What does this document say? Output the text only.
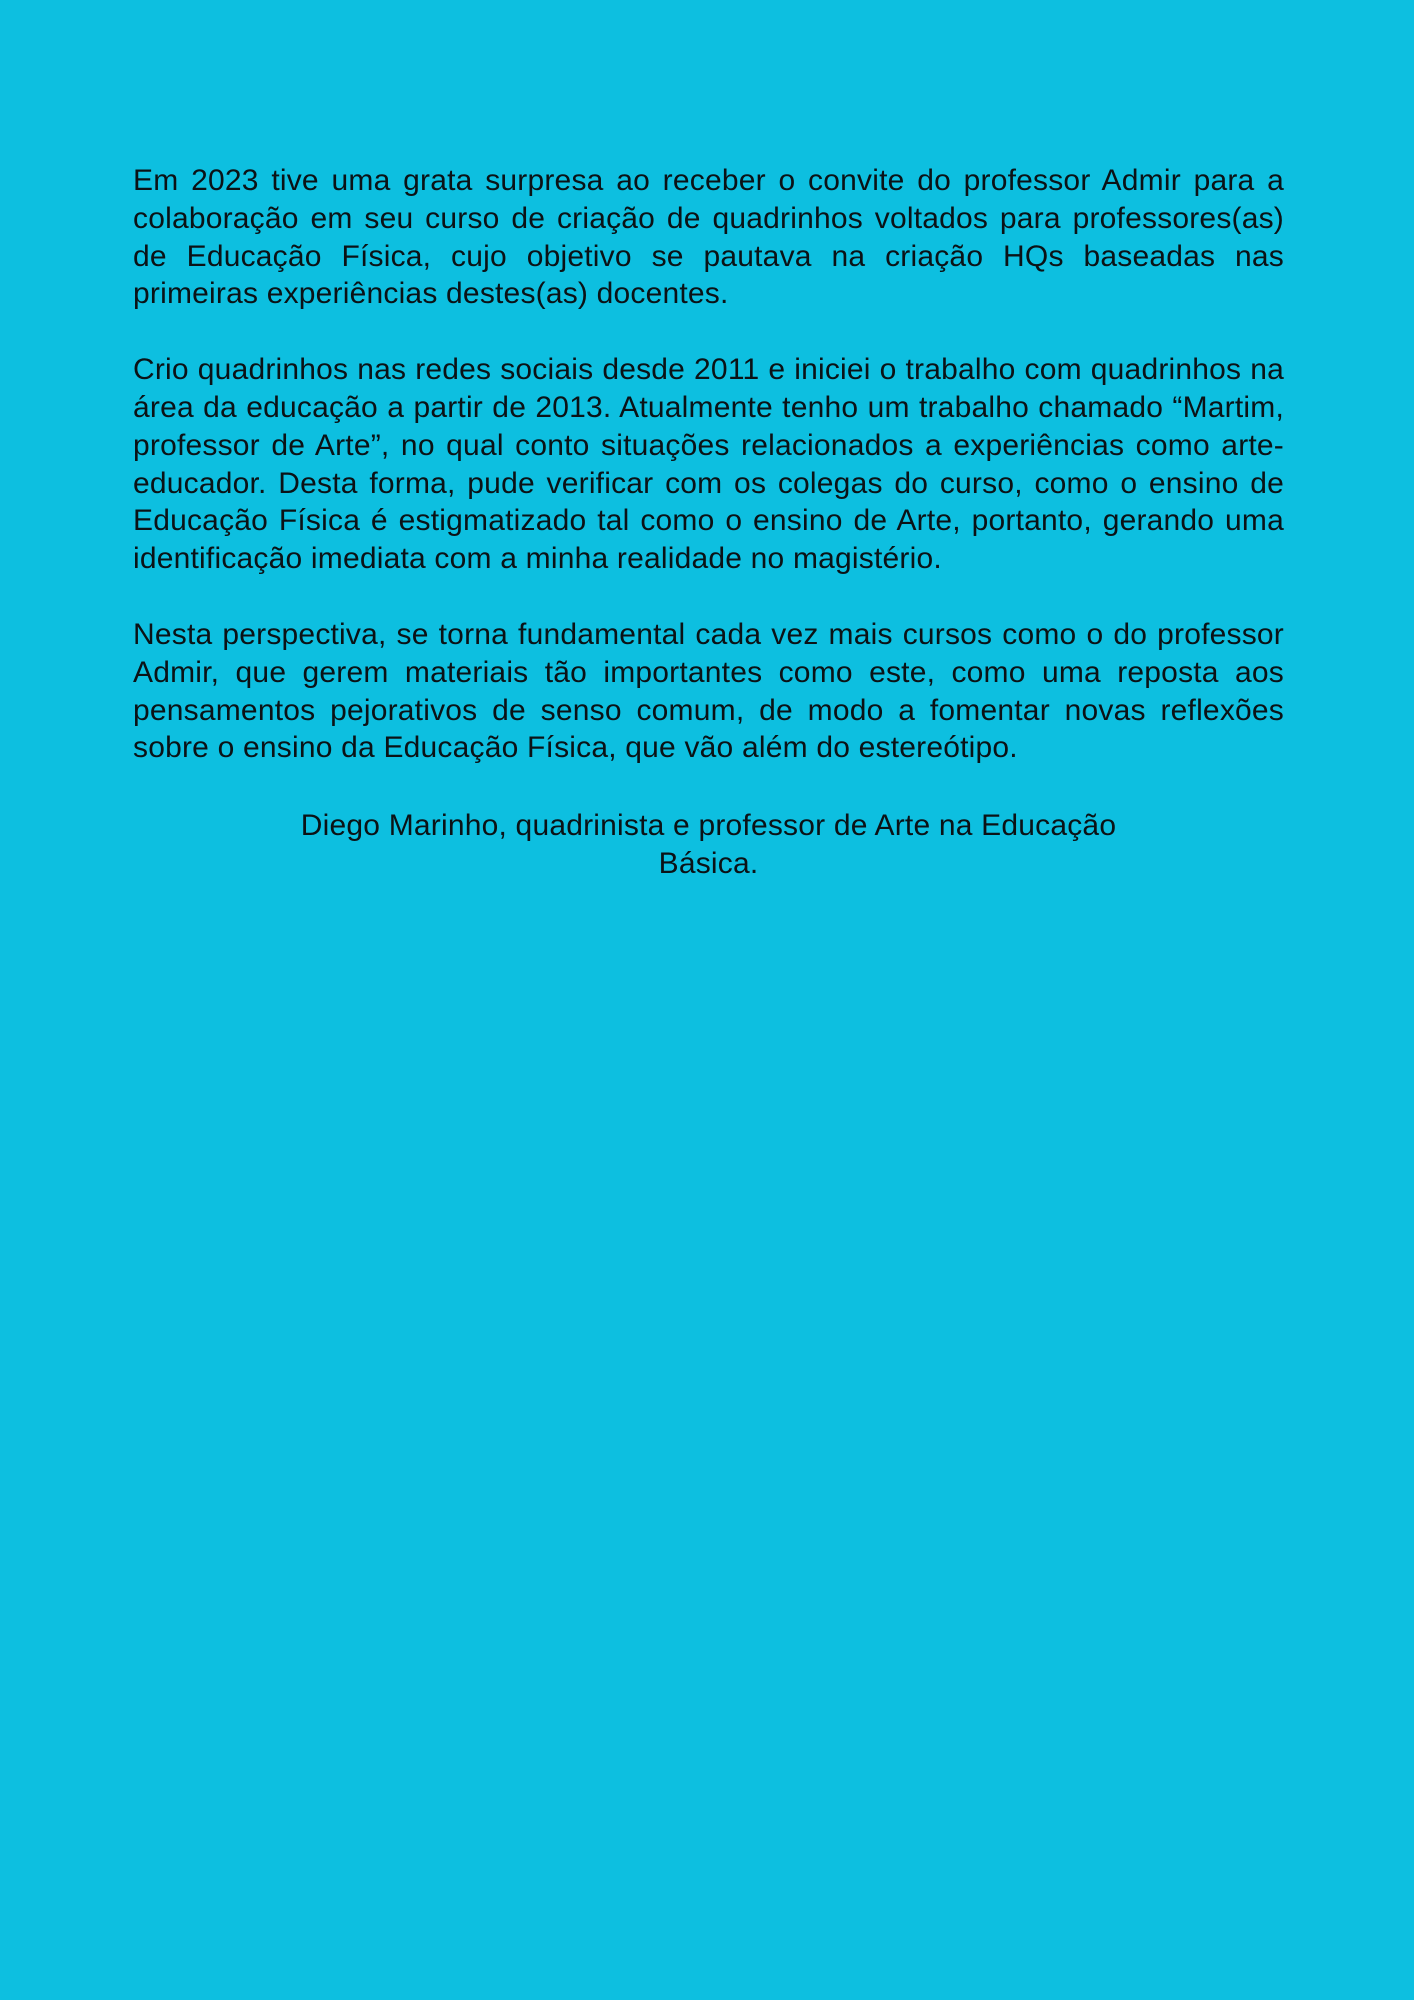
Em 2023 tive uma grata surpresa ao receber o convite do professor Admir para a colaboração em seu curso de criação de quadrinhos voltados para professores(as) de Educação Física, cujo objetivo se pautava na criação HQs baseadas nas primeiras experiências destes(as) docentes.

Crio quadrinhos nas redes sociais desde 2011 e iniciei o trabalho com quadrinhos na área da educação a partir de 2013. Atualmente tenho um trabalho chamado “Martim, professor de Arte”, no qual conto situações relacionados a experiências como arte-educador. Desta forma, pude verificar com os colegas do curso, como o ensino de Educação Física é estigmatizado tal como o ensino de Arte, portanto, gerando uma identificação imediata com a minha realidade no magistério.

Nesta perspectiva, se torna fundamental cada vez mais cursos como o do professor Admir, que gerem materiais tão importantes como este, como uma reposta aos pensamentos pejorativos de senso comum, de modo a fomentar novas reflexões sobre o ensino da Educação Física, que vão além do estereótipo.

Diego Marinho, quadrinista e professor de Arte na Educação Básica.
